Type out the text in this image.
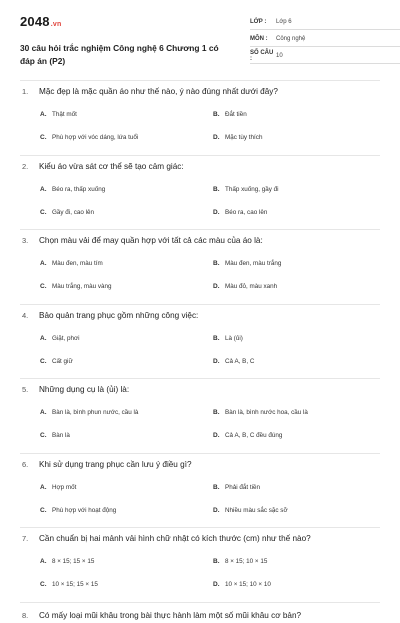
2048.vn
30 câu hỏi trắc nghiệm Công nghệ 6 Chương 1 có đáp án (P2)
LỚP :	Lớp 6
MÔN :	Công nghệ
SỐ CÂU :	10
1. Mặc đẹp là mặc quần áo như thế nào, ý nào đúng nhất dưới đây?
A. Thật mốt	B. Đắt tiền
C. Phù hợp với vóc dáng, lứa tuổi	D. Mặc tùy thích
2. Kiểu áo vừa sát cơ thể sẽ tạo cảm giác:
A. Béo ra, thấp xuống	B. Thấp xuống, gầy đi
C. Gầy đi, cao lên	D. Béo ra, cao lên
3. Chọn màu vải để may quần hợp với tất cả các màu của áo là:
A. Màu đen, màu tím	B. Màu đen, màu trắng
C. Màu trắng, màu vàng	D. Màu đỏ, màu xanh
4. Bảo quản trang phục gồm những công việc:
A. Giặt, phơi	B. Là (ủi)
C. Cất giữ	D. Cả A, B, C
5. Những dụng cụ là (ủi) là:
A. Bàn là, bình phun nước, cầu là	B. Bàn là, bình nước hoa, cầu là
C. Bàn là	D. Cả A, B, C đều đúng
6. Khi sử dụng trang phục cần lưu ý điều gì?
A. Hợp mốt	B. Phải đắt tiền
C. Phù hợp với hoạt động	D. Nhiều màu sắc sặc sỡ
7. Cần chuẩn bị hai mảnh vải hình chữ nhật có kích thước (cm) như thế nào?
A. 8 × 15; 15 × 15	B. 8 × 15; 10 × 15
C. 10 × 15; 15 × 15	D. 10 × 15; 10 × 10
8. Có mấy loại mũi khâu trong bài thực hành làm một số mũi khâu cơ bản?
